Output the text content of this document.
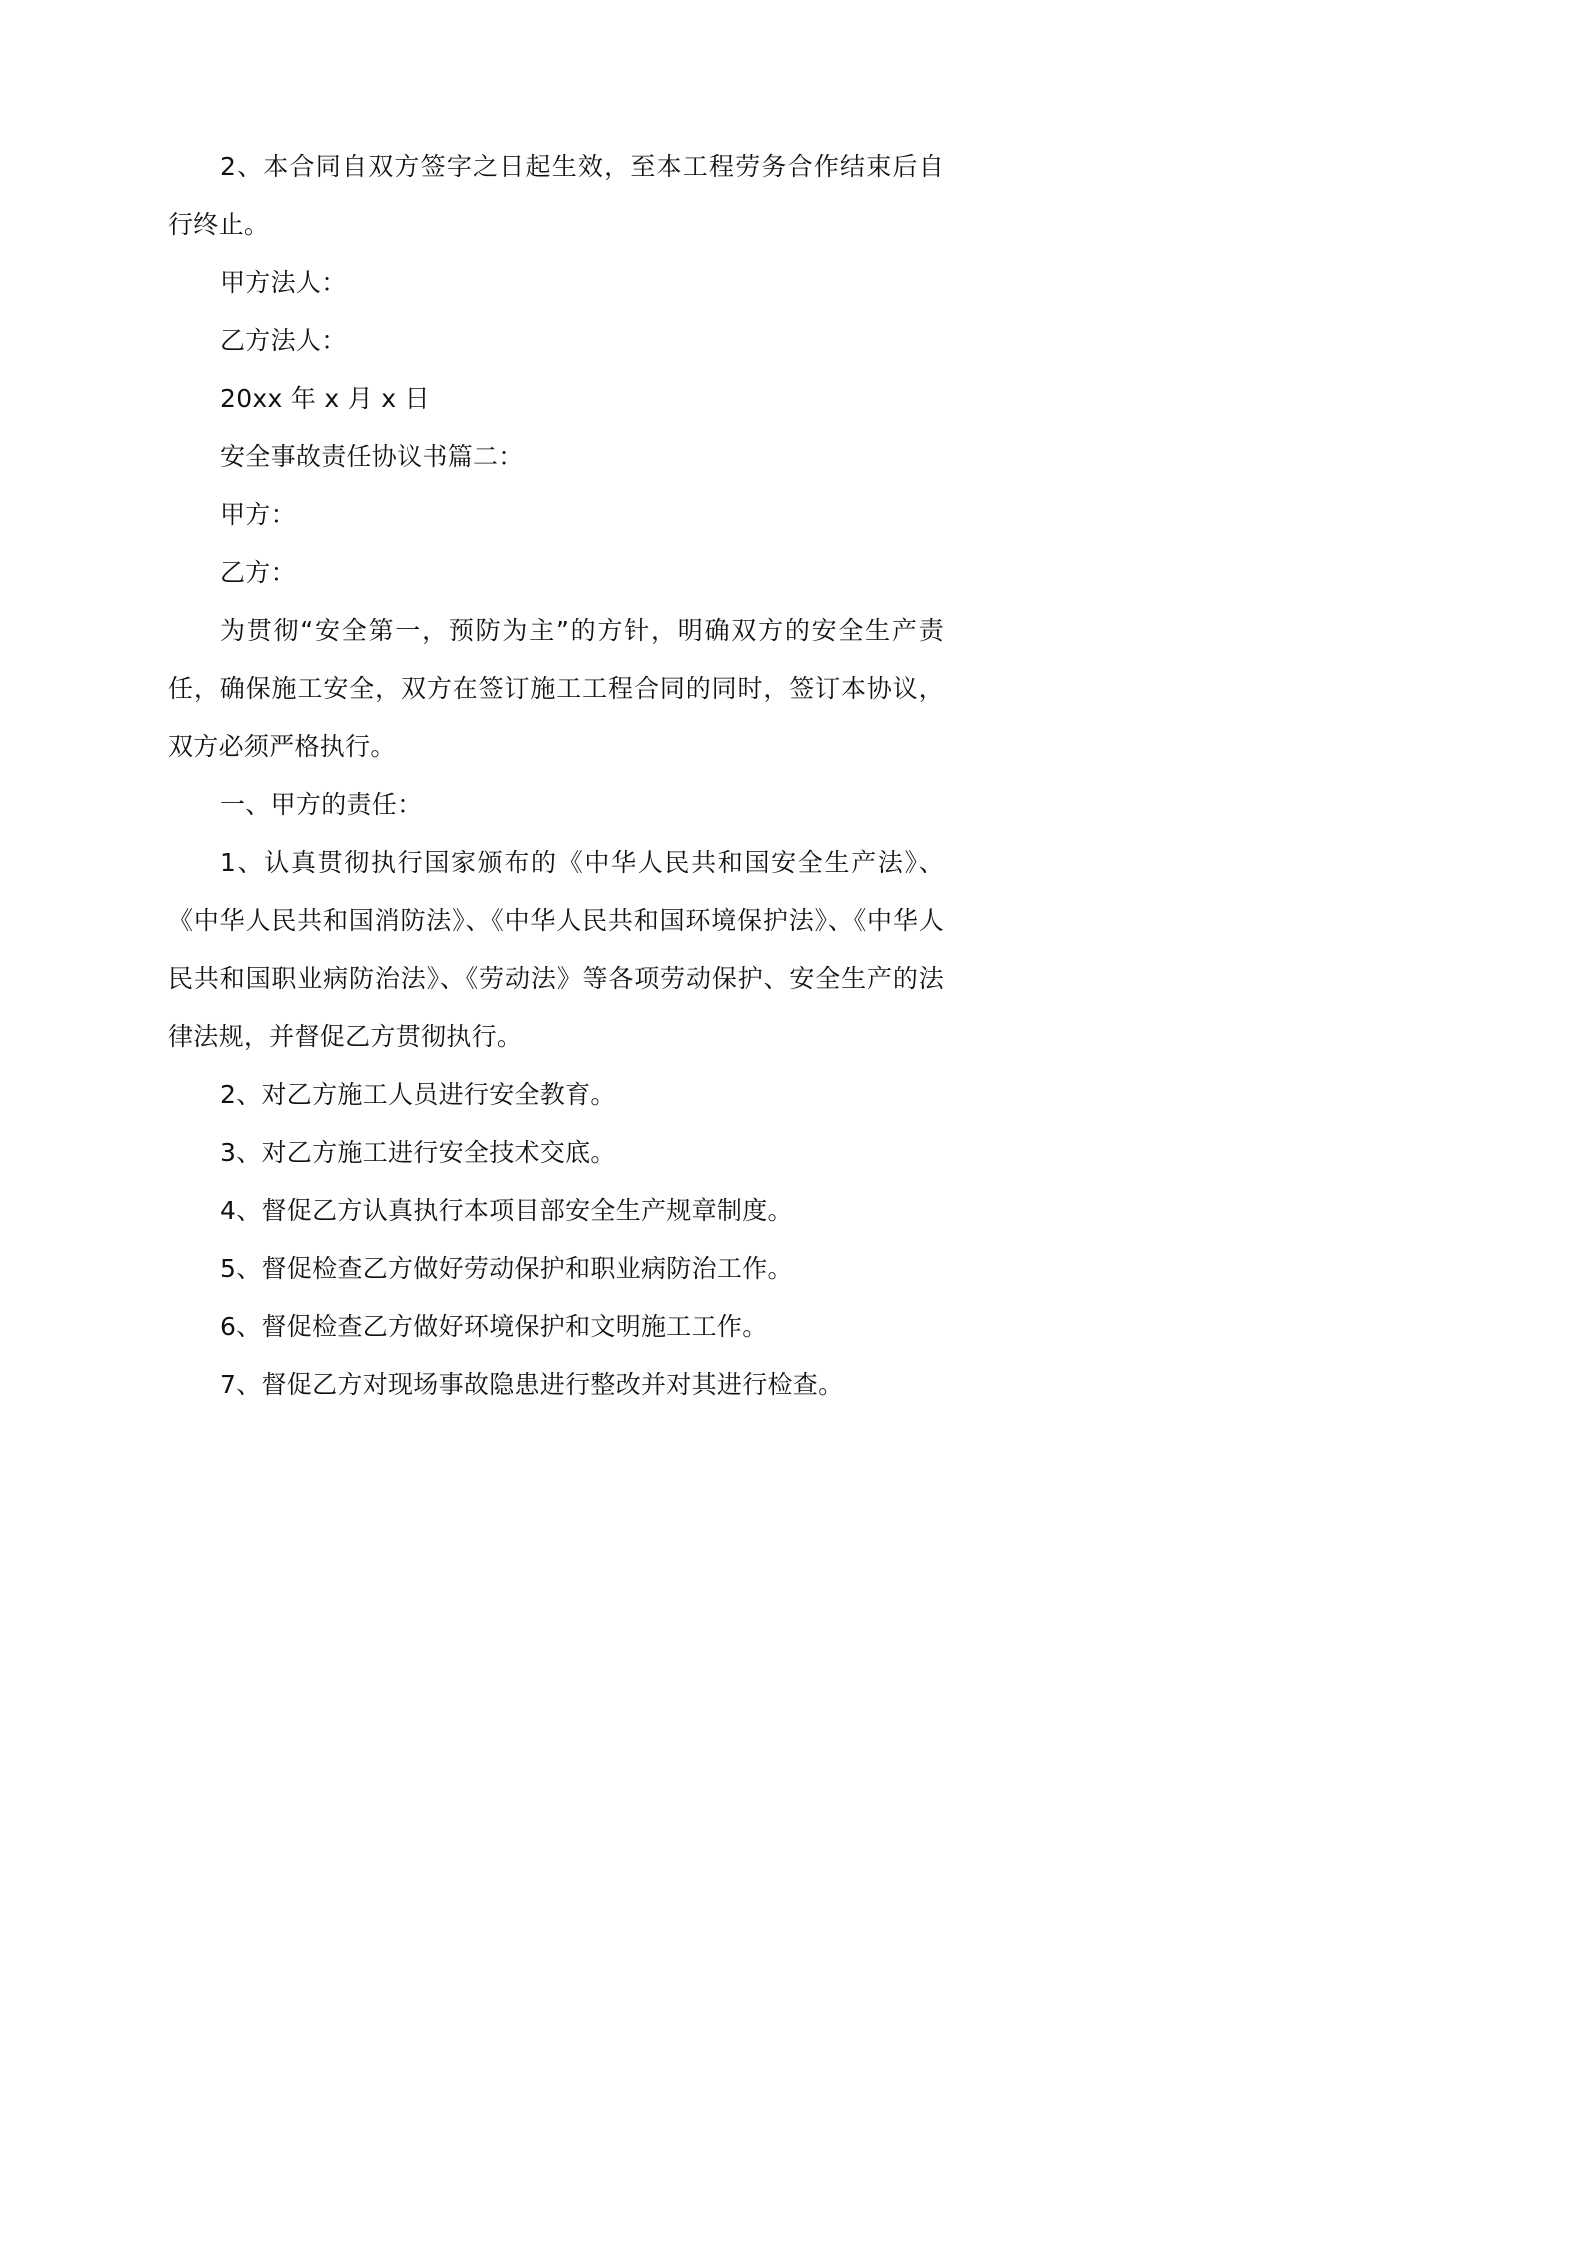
2、本合同自双方签字之日起生效，至本工程劳务合作结束后自行终止。

甲方法人：

乙方法人：

20xx 年 x 月 x 日

安全事故责任协议书篇二：

甲方：

乙方：

为贯彻“安全第一，预防为主”的方针，明确双方的安全生产责任，确保施工安全，双方在签订施工工程合同的同时，签订本协议，双方必须严格执行。

一、甲方的责任：

1、认真贯彻执行国家颁布的《中华人民共和国安全生产法》、《中华人民共和国消防法》、《中华人民共和国环境保护法》、《中华人民共和国职业病防治法》、《劳动法》等各项劳动保护、安全生产的法律法规，并督促乙方贯彻执行。

2、对乙方施工人员进行安全教育。

3、对乙方施工进行安全技术交底。

4、督促乙方认真执行本项目部安全生产规章制度。

5、督促检查乙方做好劳动保护和职业病防治工作。

6、督促检查乙方做好环境保护和文明施工工作。

7、督促乙方对现场事故隐患进行整改并对其进行检查。
